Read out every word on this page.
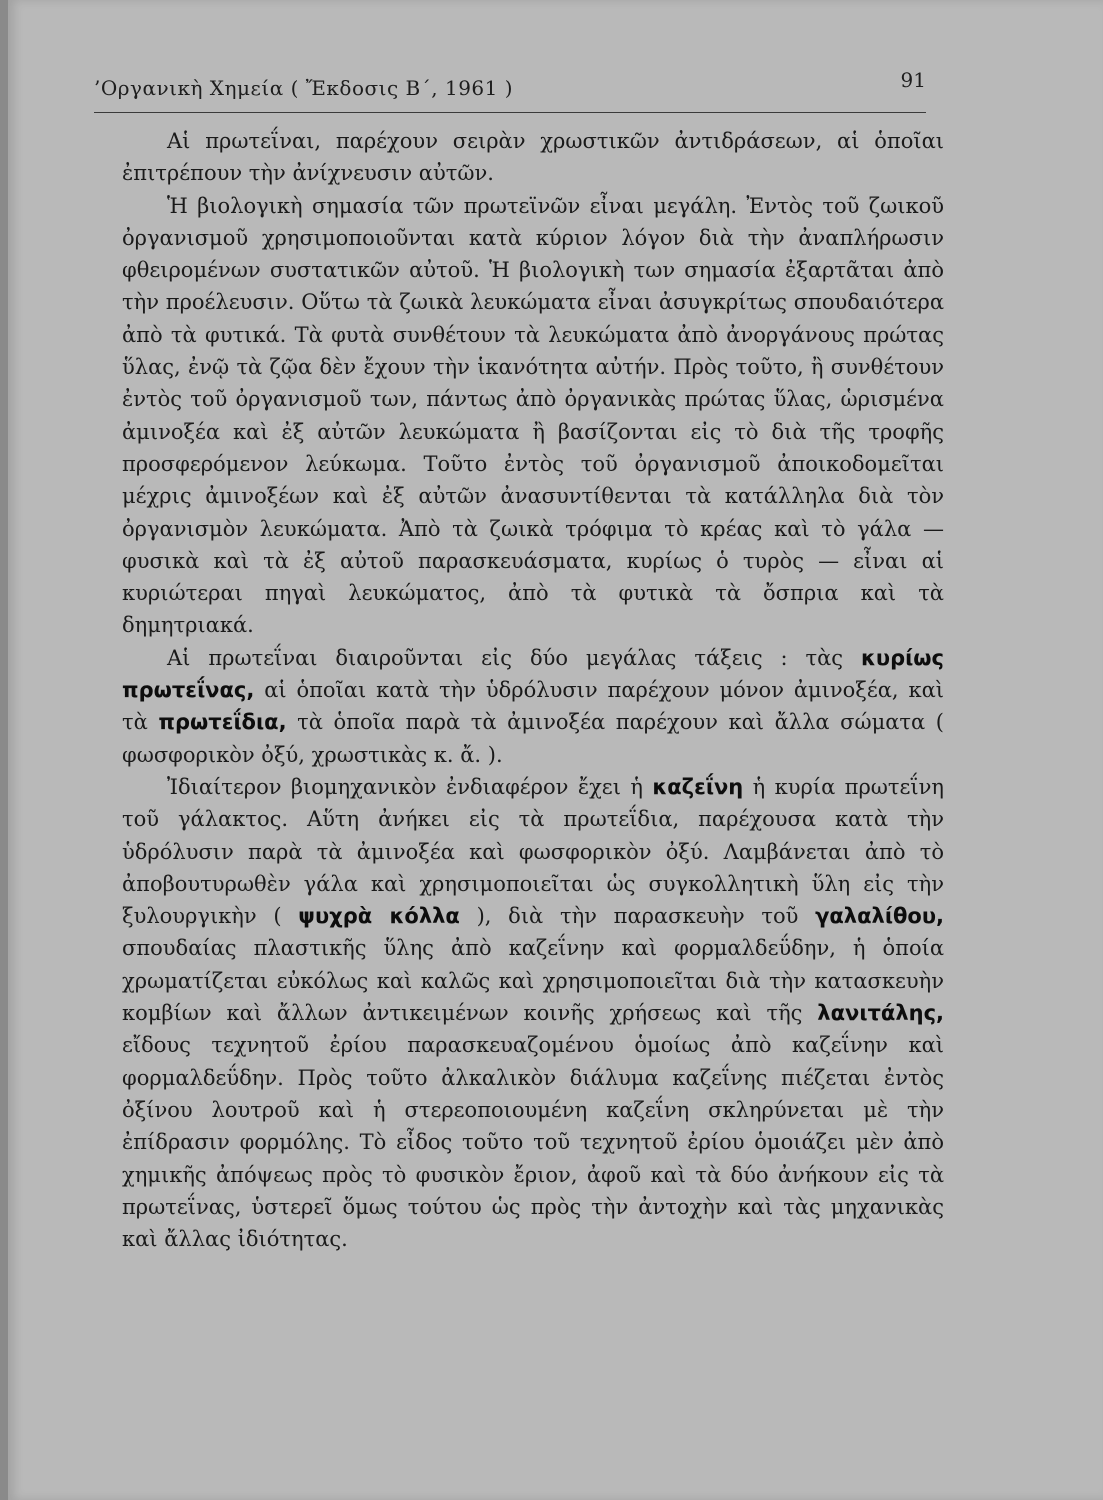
’Οργανικὴ Χημεία ( Ἔκδοσις Β΄, 1961 )	91

Αἱ πρωτεΐναι, παρέχουν σειρὰν χρωστικῶν ἀντιδράσεων, αἱ ὁποῖαι ἐπιτρέπουν τὴν ἀνίχνευσιν αὐτῶν.

Ἡ βιολογικὴ σημασία τῶν πρωτεϊνῶν εἶναι μεγάλη. Ἐντὸς τοῦ ζωικοῦ ὀργανισμοῦ χρησιμοποιοῦνται κατὰ κύριον λόγον διὰ τὴν ἀναπλήρωσιν φθειρομένων συστατικῶν αὐτοῦ. Ἡ βιολογικὴ των σημασία ἐξαρτᾶται ἀπὸ τὴν προέλευσιν. Οὕτω τὰ ζωικὰ λευκώματα εἶναι ἀσυγκρίτως σπουδαιότερα ἀπὸ τὰ φυτικά. Τὰ φυτὰ συνθέτουν τὰ λευκώματα ἀπὸ ἀνοργάνους πρώτας ὕλας, ἐνῷ τὰ ζῷα δὲν ἔχουν τὴν ἱκανότητα αὐτήν. Πρὸς τοῦτο, ἢ συνθέτουν ἐντὸς τοῦ ὀργανισμοῦ των, πάντως ἀπὸ ὀργανικὰς πρώτας ὕλας, ὡρισμένα ἀμινοξέα καὶ ἐξ αὐτῶν λευκώματα ἢ βασίζονται εἰς τὸ διὰ τῆς τροφῆς προσφερόμενον λεύκωμα. Τοῦτο ἐντὸς τοῦ ὀργανισμοῦ ἀποικοδομεῖται μέχρις ἀμινοξέων καὶ ἐξ αὐτῶν ἀνασυντίθενται τὰ κατάλληλα διὰ τὸν ὀργανισμὸν λευκώματα. Ἀπὸ τὰ ζωικὰ τρόφιμα τὸ κρέας καὶ τὸ γάλα — φυσικὰ καὶ τὰ ἐξ αὐτοῦ παρασκευάσματα, κυρίως ὁ τυρὸς — εἶναι αἱ κυριώτεραι πηγαὶ λευκώματος, ἀπὸ τὰ φυτικὰ τὰ ὄσπρια καὶ τὰ δημητριακά.

Αἱ πρωτεΐναι διαιροῦνται εἰς δύο μεγάλας τάξεις : τὰς κυρίως πρωτεΐνας, αἱ ὁποῖαι κατὰ τὴν ὑδρόλυσιν παρέχουν μόνον ἀμινοξέα, καὶ τὰ πρωτεΐδια, τὰ ὁποῖα παρὰ τὰ ἀμινοξέα παρέχουν καὶ ἄλλα σώματα ( φωσφορικὸν ὀξύ, χρωστικὰς κ. ἄ. ).

Ἰδιαίτερον βιομηχανικὸν ἐνδιαφέρον ἔχει ἡ καζεΐνη ἡ κυρία πρωτεΐνη τοῦ γάλακτος. Αὕτη ἀνήκει εἰς τὰ πρωτεΐδια, παρέχουσα κατὰ τὴν ὑδρόλυσιν παρὰ τὰ ἀμινοξέα καὶ φωσφορικὸν ὀξύ. Λαμβάνεται ἀπὸ τὸ ἀποβουτυρωθὲν γάλα καὶ χρησιμοποιεῖται ὡς συγκολλητικὴ ὕλη εἰς τὴν ξυλουργικὴν ( ψυχρὰ κόλλα ), διὰ τὴν παρασκευὴν τοῦ γαλαλίθου, σπουδαίας πλαστικῆς ὕλης ἀπὸ καζεΐνην καὶ φορμαλδεΰδην, ἡ ὁποία χρωματίζεται εὐκόλως καὶ καλῶς καὶ χρησιμοποιεῖται διὰ τὴν κατασκευὴν κομβίων καὶ ἄλλων ἀντικειμένων κοινῆς χρήσεως καὶ τῆς λανιτάλης, εἴδους τεχνητοῦ ἐρίου παρασκευαζομένου ὁμοίως ἀπὸ καζεΐνην καὶ φορμαλδεΰδην. Πρὸς τοῦτο ἀλκαλικὸν διάλυμα καζεΐνης πιέζεται ἐντὸς ὀξίνου λουτροῦ καὶ ἡ στερεοποιουμένη καζεΐνη σκληρύνεται μὲ τὴν ἐπίδρασιν φορμόλης. Τὸ εἶδος τοῦτο τοῦ τεχνητοῦ ἐρίου ὁμοιάζει μὲν ἀπὸ χημικῆς ἀπόψεως πρὸς τὸ φυσικὸν ἔριον, ἀφοῦ καὶ τὰ δύο ἀνήκουν εἰς τὰ πρωτεΐνας, ὑστερεῖ ὅμως τούτου ὡς πρὸς τὴν ἀντοχὴν καὶ τὰς μηχανικὰς καὶ ἄλλας ἰδιότητας.
